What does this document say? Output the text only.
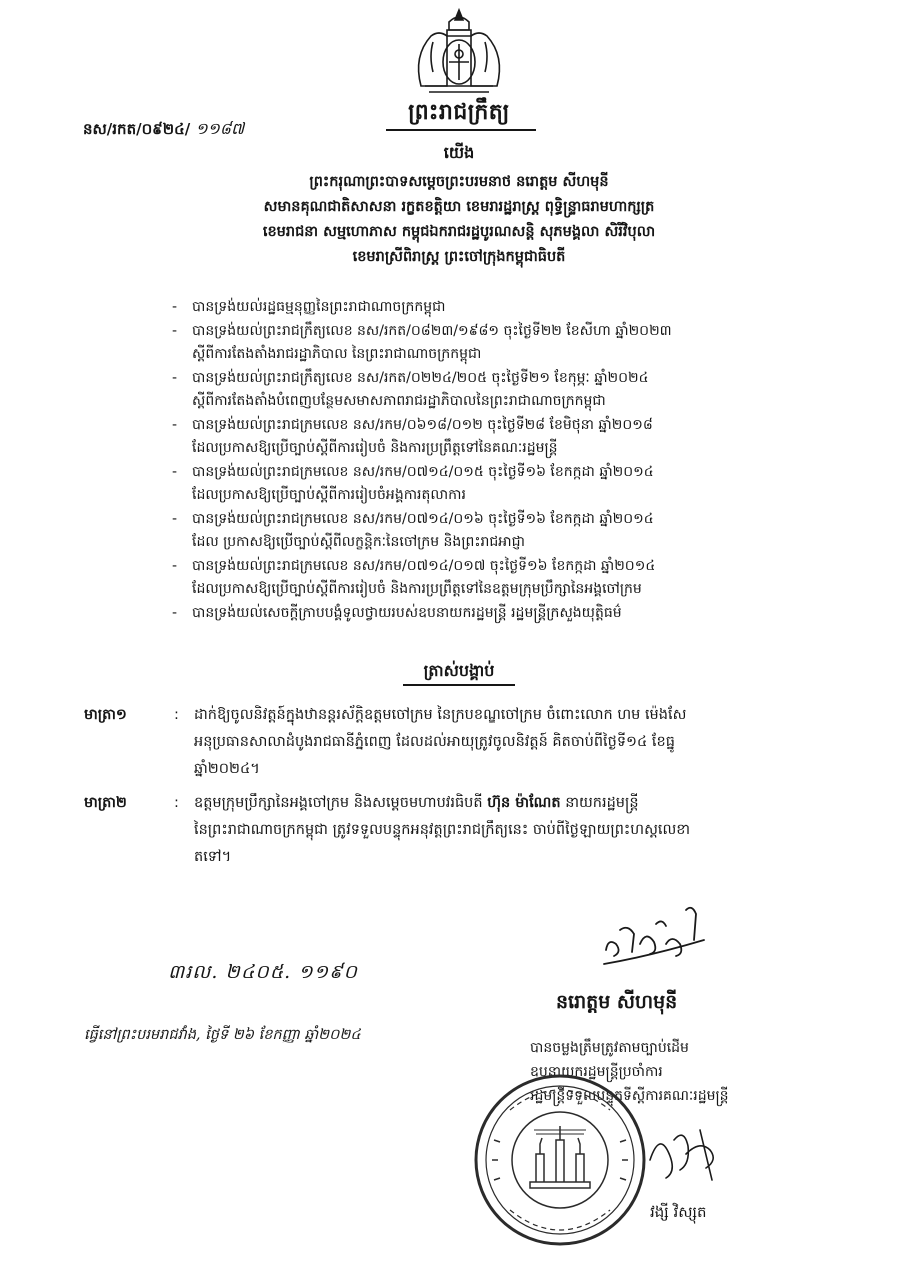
ព្រះរាជក្រឹត្យ
នស/រកត/០៩២៤/ ១១៨៧
យើង
ព្រះករុណាព្រះបាទសម្តេចព្រះបរមនាថ នរោត្តម សីហមុនី
សមានគុណជាតិសាសនា រក្ខតខត្តិយា ខេមរារដ្ឋរាស្ត្រ ពុទ្ធិន្ទ្រាធរាមហាក្សត្រ
ខេមរាជនា សម្មហោភាស កម្ពុជឯករាជរដ្ឋបូរណសន្តិ សុភមង្គលា សិរីវិបុលា
ខេមរាស្រីពិរាស្ត្រ ព្រះចៅក្រុងកម្ពុជាធិបតី
- បានទ្រង់យល់រដ្ឋធម្មនុញ្ញនៃព្រះរាជាណាចក្រកម្ពុជា
- បានទ្រង់យល់ព្រះរាជក្រឹត្យលេខ នស/រកត/០៨២៣/១៩៨១ ចុះថ្ងៃទី២២ ខែសីហា ឆ្នាំ២០២៣
ស្តីពីការតែងតាំងរាជរដ្ឋាភិបាល នៃព្រះរាជាណាចក្រកម្ពុជា
- បានទ្រង់យល់ព្រះរាជក្រឹត្យលេខ នស/រកត/០២២៤/២០៥ ចុះថ្ងៃទី២១ ខែកុម្ភៈ ឆ្នាំ២០២៤
ស្តីពីការតែងតាំងបំពេញបន្ថែមសមាសភាពរាជរដ្ឋាភិបាលនៃព្រះរាជាណាចក្រកម្ពុជា
- បានទ្រង់យល់ព្រះរាជក្រមលេខ នស/រកម/០៦១៨/០១២ ចុះថ្ងៃទី២៨ ខែមិថុនា ឆ្នាំ២០១៨
ដែលប្រកាសឱ្យប្រើច្បាប់ស្តីពីការរៀបចំ និងការប្រព្រឹត្តទៅនៃគណៈរដ្ឋមន្ត្រី
- បានទ្រង់យល់ព្រះរាជក្រមលេខ នស/រកម/០៧១៤/០១៥ ចុះថ្ងៃទី១៦ ខែកក្កដា ឆ្នាំ២០១៤
ដែលប្រកាសឱ្យប្រើច្បាប់ស្តីពីការរៀបចំអង្គការតុលាការ
- បានទ្រង់យល់ព្រះរាជក្រមលេខ នស/រកម/០៧១៤/០១៦ ចុះថ្ងៃទី១៦ ខែកក្កដា ឆ្នាំ២០១៤
ដែល ប្រកាសឱ្យប្រើច្បាប់ស្តីពីលក្ខន្តិកៈនៃចៅក្រម និងព្រះរាជអាជ្ញា
- បានទ្រង់យល់ព្រះរាជក្រមលេខ នស/រកម/០៧១៤/០១៧ ចុះថ្ងៃទី១៦ ខែកក្កដា ឆ្នាំ២០១៤
ដែលប្រកាសឱ្យប្រើច្បាប់ស្តីពីការរៀបចំ និងការប្រព្រឹត្តទៅនៃឧត្តមក្រុមប្រឹក្សានៃអង្គចៅក្រម
- បានទ្រង់យល់សេចក្តីក្រាបបង្គំទូលថ្វាយរបស់ឧបនាយករដ្ឋមន្ត្រី រដ្ឋមន្ត្រីក្រសួងយុត្តិធម៌
ត្រាស់បង្គាប់
មាត្រា១	: ដាក់ឱ្យចូលនិវត្តន៍ក្នុងឋានន្តរស័ក្តិឧត្តមចៅក្រម នៃក្របខណ្ឌចៅក្រម ចំពោះលោក ហម ម៉េងសែ
អនុប្រធានសាលាដំបូងរាជធានីភ្នំពេញ ដែលដល់អាយុត្រូវចូលនិវត្តន៍ គិតចាប់ពីថ្ងៃទី១៤ ខែធ្នូ
ឆ្នាំ២០២៤។
មាត្រា២	: ឧត្តមក្រុមប្រឹក្សានៃអង្គចៅក្រម និងសម្តេចមហាបវរធិបតី ហ៊ុន ម៉ាណែត នាយករដ្ឋមន្ត្រី
នៃព្រះរាជាណាចក្រកម្ពុជា ត្រូវទទួលបន្ទុកអនុវត្តព្រះរាជក្រឹត្យនេះ ចាប់ពីថ្ងៃឡាយព្រះហស្តលេខា
តទៅ។
៣រល. ២៤០៥. ១១៩០
ធ្វើនៅព្រះបរមរាជវាំង, ថ្ងៃទី ២៦ ខែកញ្ញា ឆ្នាំ២០២៤
នរោត្តម សីហមុនី
បានចម្លងត្រឹមត្រូវតាមច្បាប់ដើម
ឧបនាយករដ្ឋមន្ត្រីប្រចាំការ
រដ្ឋមន្ត្រីទទួលបន្ទុកទីស្តីការគណៈរដ្ឋមន្ត្រី
វង្សី វិស្សុត
